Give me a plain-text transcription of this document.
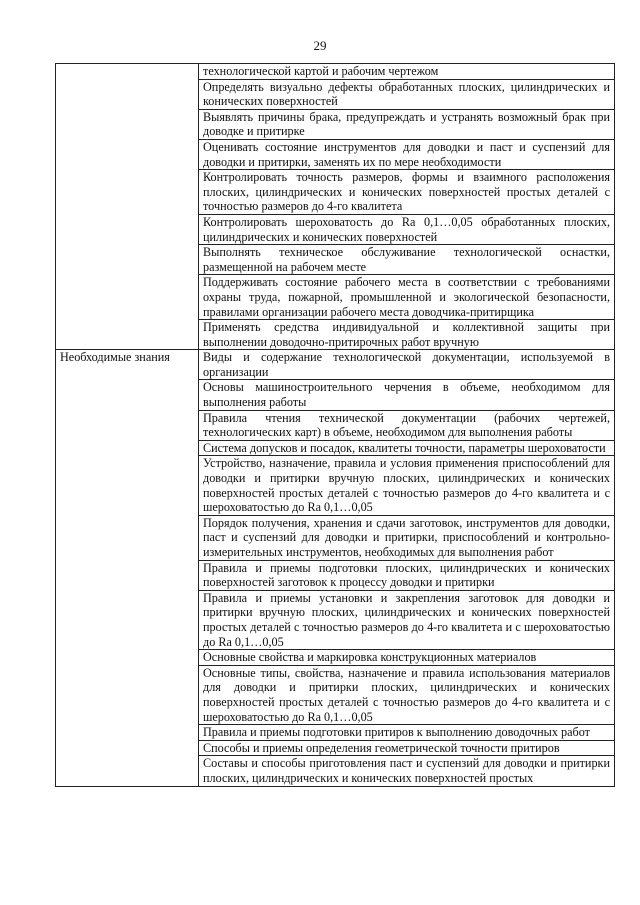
29
	технологической картой и рабочим чертежом
	Определять визуально дефекты обработанных плоских, цилиндрических и конических поверхностей
	Выявлять причины брака, предупреждать и устранять возможный брак при доводке и притирке
	Оценивать состояние инструментов для доводки и паст и суспензий для доводки и притирки, заменять их по мере необходимости
	Контролировать точность размеров, формы и взаимного расположения плоских, цилиндрических и конических поверхностей простых деталей с точностью размеров до 4-го квалитета
	Контролировать шероховатость до Ra 0,1…0,05 обработанных плоских, цилиндрических и конических поверхностей
	Выполнять техническое обслуживание технологической оснастки, размещенной на рабочем месте
	Поддерживать состояние рабочего места в соответствии с требованиями охраны труда, пожарной, промышленной и экологической безопасности, правилами организации рабочего места доводчика-притирщика
	Применять средства индивидуальной и коллективной защиты при выполнении доводочно-притирочных работ вручную
Необходимые знания	Виды и содержание технологической документации, используемой в организации
	Основы машиностроительного черчения в объеме, необходимом для выполнения работы
	Правила чтения технической документации (рабочих чертежей, технологических карт) в объеме, необходимом для выполнения работы
	Система допусков и посадок, квалитеты точности, параметры шероховатости
	Устройство, назначение, правила и условия применения приспособлений для доводки и притирки вручную плоских, цилиндрических и конических поверхностей простых деталей с точностью размеров до 4-го квалитета и с шероховатостью до Ra 0,1…0,05
	Порядок получения, хранения и сдачи заготовок, инструментов для доводки, паст и суспензий для доводки и притирки, приспособлений и контрольно-измерительных инструментов, необходимых для выполнения работ
	Правила и приемы подготовки плоских, цилиндрических и конических поверхностей заготовок к процессу доводки и притирки
	Правила и приемы установки и закрепления заготовок для доводки и притирки вручную плоских, цилиндрических и конических поверхностей простых деталей с точностью размеров до 4-го квалитета и с шероховатостью до Ra 0,1…0,05
	Основные свойства и маркировка конструкционных материалов
	Основные типы, свойства, назначение и правила использования материалов для доводки и притирки плоских, цилиндрических и конических поверхностей простых деталей с точностью размеров до 4-го квалитета и с шероховатостью до Ra 0,1…0,05
	Правила и приемы подготовки притиров к выполнению доводочных работ
	Способы и приемы определения геометрической точности притиров
	Составы и способы приготовления паст и суспензий для доводки и притирки плоских, цилиндрических и конических поверхностей простых
